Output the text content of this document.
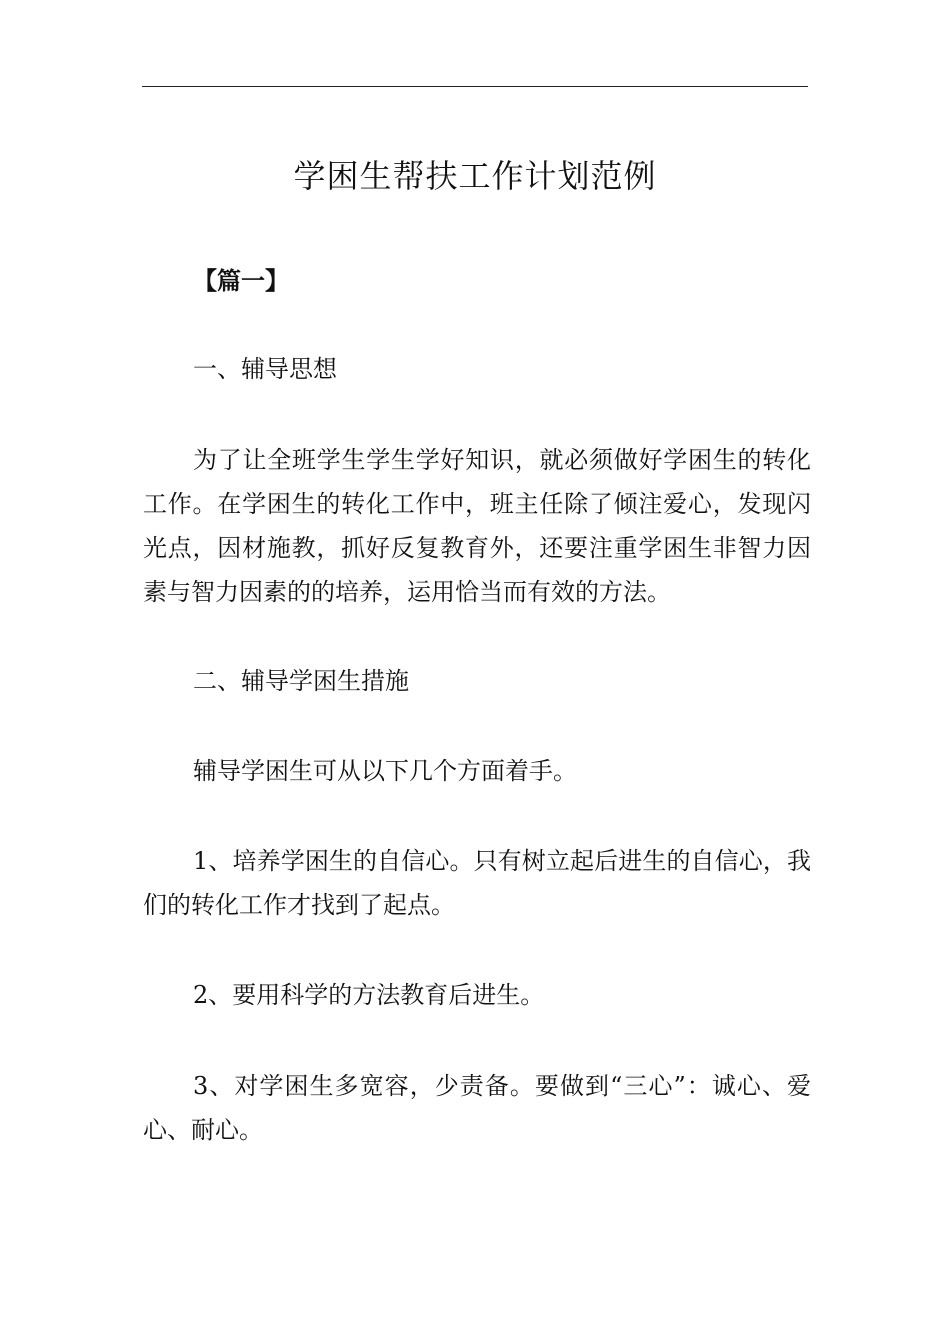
学困生帮扶工作计划范例

【篇一】

一、辅导思想

为了让全班学生学生学好知识，就必须做好学困生的转化工作。在学困生的转化工作中，班主任除了倾注爱心，发现闪光点，因材施教，抓好反复教育外，还要注重学困生非智力因素与智力因素的的培养，运用恰当而有效的方法。

二、辅导学困生措施

辅导学困生可从以下几个方面着手。

1、培养学困生的自信心。只有树立起后进生的自信心，我们的转化工作才找到了起点。

2、要用科学的方法教育后进生。

3、对学困生多宽容，少责备。要做到“三心”：诚心、爱心、耐心。
